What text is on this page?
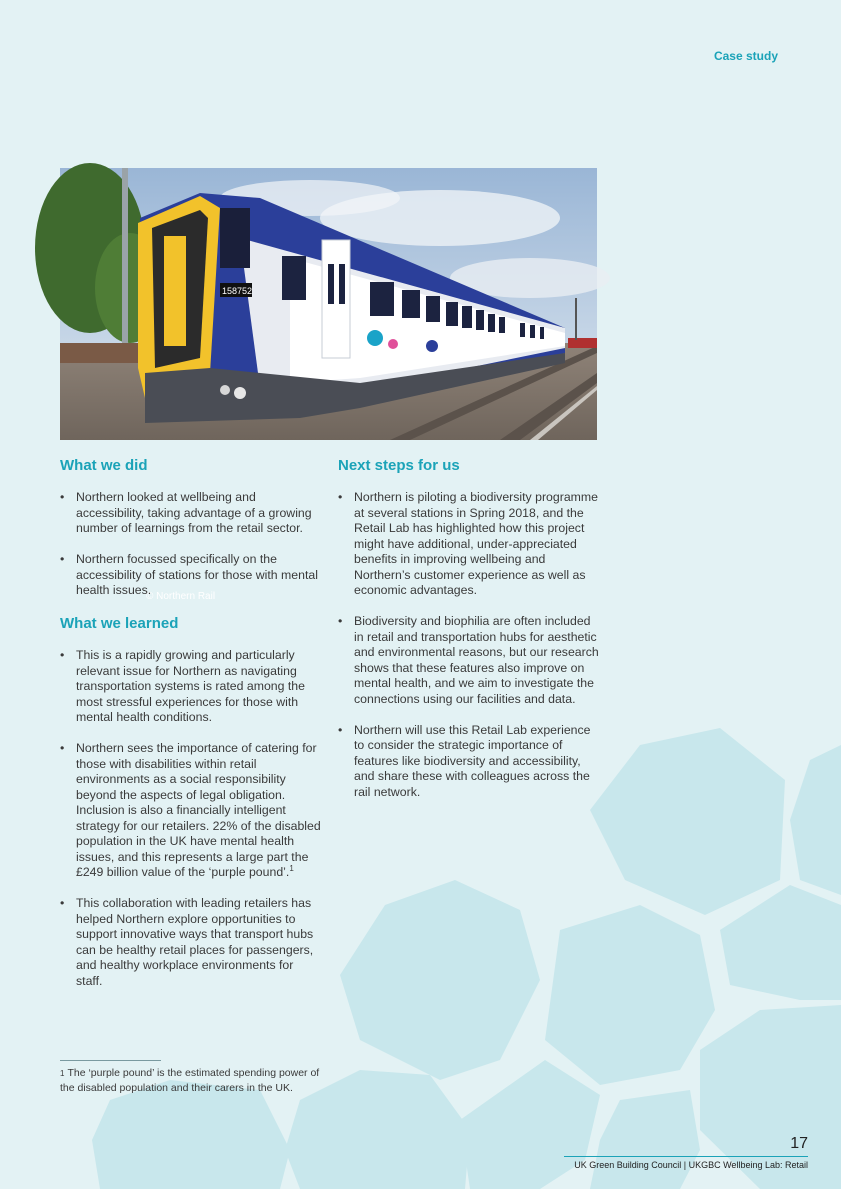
Case study
158752
© Northern Rail
What we did
• Northern looked at wellbeing and accessibility, taking advantage of a growing number of learnings from the retail sector.
• Northern focussed specifically on the accessibility of stations for those with mental health issues.
What we learned
• This is a rapidly growing and particularly relevant issue for Northern as navigating transportation systems is rated among the most stressful experiences for those with mental health conditions.
• Northern sees the importance of catering for those with disabilities within retail environments as a social responsibility beyond the aspects of legal obligation. Inclusion is also a financially intelligent strategy for our retailers. 22% of the disabled population in the UK have mental health issues, and this represents a large part the £249 billion value of the ‘purple pound’.$^1$
• This collaboration with leading retailers has helped Northern explore opportunities to support innovative ways that transport hubs can be healthy retail places for passengers, and healthy workplace environments for staff.
Next steps for us
• Northern is piloting a biodiversity programme at several stations in Spring 2018, and the Retail Lab has highlighted how this project might have additional, under-appreciated benefits in improving wellbeing and Northern’s customer experience as well as economic advantages.
• Biodiversity and biophilia are often included in retail and transportation hubs for aesthetic and environmental reasons, but our research shows that these features also improve on mental health, and we aim to investigate the connections using our facilities and data.
• Northern will use this Retail Lab experience to consider the strategic importance of features like biodiversity and accessibility, and share these with colleagues across the rail network.
$^1$ The ‘purple pound’ is the estimated spending power of the disabled population and their carers in the UK.
17
UK Green Building Council | UKGBC Wellbeing Lab: Retail
